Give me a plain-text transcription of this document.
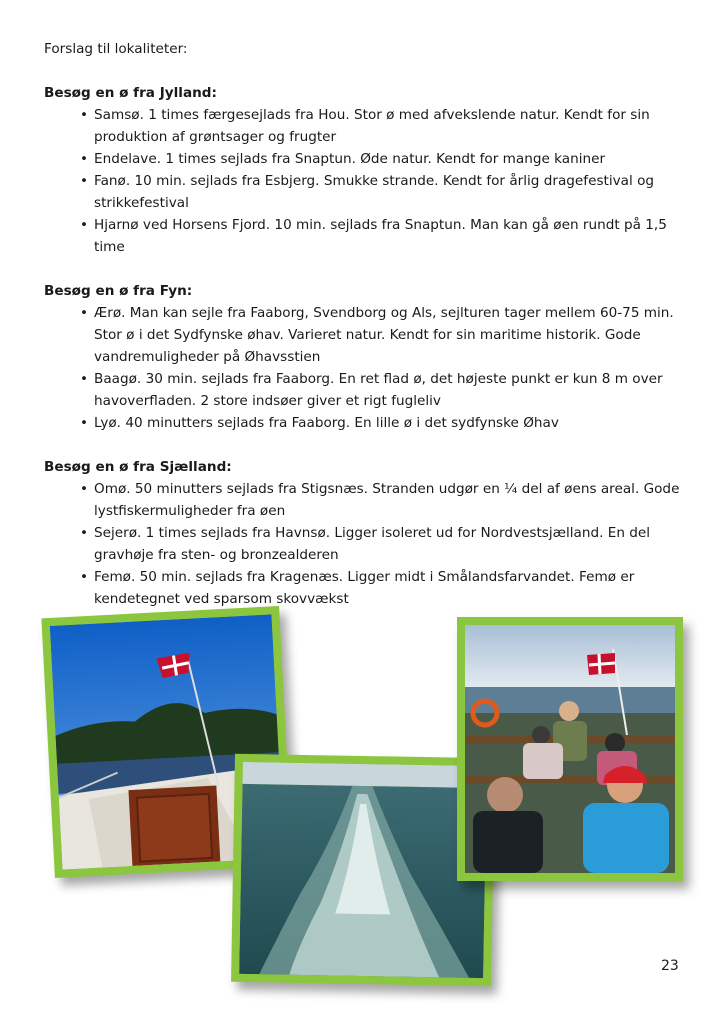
Forslag til lokaliteter:

Besøg en ø fra Jylland:
• Samsø. 1 times færgesejlads fra Hou. Stor ø med afvekslende natur. Kendt for sin produktion af grøntsager og frugter
• Endelave. 1 times sejlads fra Snaptun. Øde natur. Kendt for mange kaniner
• Fanø. 10 min. sejlads fra Esbjerg. Smukke strande. Kendt for årlig dragefestival og strikkefestival
• Hjarnø ved Horsens Fjord. 10 min. sejlads fra Snaptun. Man kan gå øen rundt på 1,5 time
Besøg en ø fra Fyn:
• Ærø. Man kan sejle fra Faaborg, Svendborg og Als, sejlturen tager mellem 60-75 min. Stor ø i det Sydfynske øhav. Varieret natur. Kendt for sin maritime historik. Gode vandremuligheder på Øhavsstien
• Baagø. 30 min. sejlads fra Faaborg. En ret flad ø, det højeste punkt er kun 8 m over havoverfladen. 2 store indsøer giver et rigt fugleliv
• Lyø. 40 minutters sejlads fra Faaborg. En lille ø i det sydfynske Øhav
Besøg en ø fra Sjælland:
• Omø. 50 minutters sejlads fra Stigsnæs. Stranden udgør en ¼ del af øens areal. Gode lystfiskermuligheder fra øen
• Sejerø. 1 times sejlads fra Havnsø. Ligger isoleret ud for Nordvestsjælland. En del gravhøje fra sten- og bronzealderen
• Femø. 50 min. sejlads fra Kragenæs. Ligger midt i Smålandsfarvandet. Femø er kendetegnet ved sparsom skovvækst
23
